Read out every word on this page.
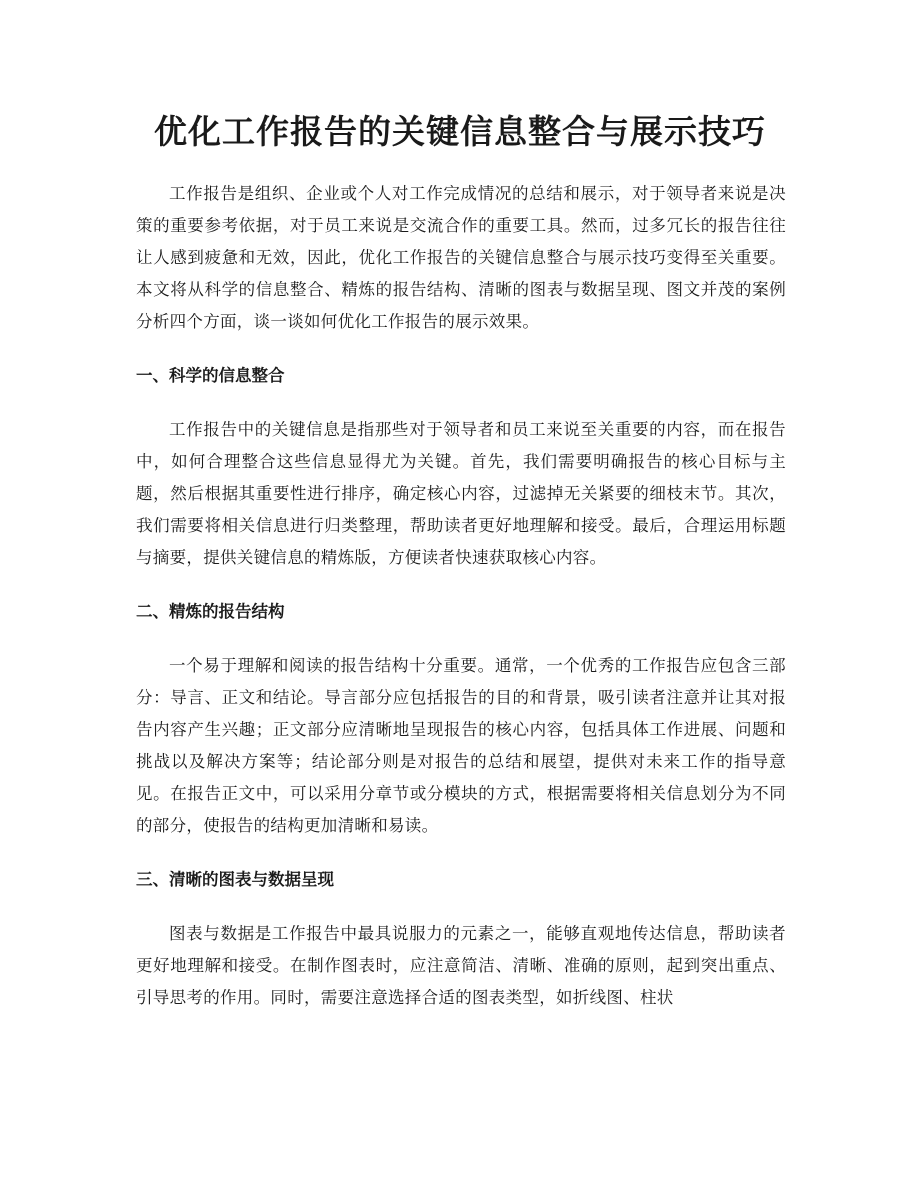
优化工作报告的关键信息整合与展示技巧

工作报告是组织、企业或个人对工作完成情况的总结和展示，对于领导者来说是决策的重要参考依据，对于员工来说是交流合作的重要工具。然而，过多冗长的报告往往让人感到疲惫和无效，因此，优化工作报告的关键信息整合与展示技巧变得至关重要。本文将从科学的信息整合、精炼的报告结构、清晰的图表与数据呈现、图文并茂的案例分析四个方面，谈一谈如何优化工作报告的展示效果。

一、科学的信息整合

工作报告中的关键信息是指那些对于领导者和员工来说至关重要的内容，而在报告中，如何合理整合这些信息显得尤为关键。首先，我们需要明确报告的核心目标与主题，然后根据其重要性进行排序，确定核心内容，过滤掉无关紧要的细枝末节。其次，我们需要将相关信息进行归类整理，帮助读者更好地理解和接受。最后，合理运用标题与摘要，提供关键信息的精炼版，方便读者快速获取核心内容。

二、精炼的报告结构

一个易于理解和阅读的报告结构十分重要。通常，一个优秀的工作报告应包含三部分：导言、正文和结论。导言部分应包括报告的目的和背景，吸引读者注意并让其对报告内容产生兴趣；正文部分应清晰地呈现报告的核心内容，包括具体工作进展、问题和挑战以及解决方案等；结论部分则是对报告的总结和展望，提供对未来工作的指导意见。在报告正文中，可以采用分章节或分模块的方式，根据需要将相关信息划分为不同的部分，使报告的结构更加清晰和易读。

三、清晰的图表与数据呈现

图表与数据是工作报告中最具说服力的元素之一，能够直观地传达信息，帮助读者更好地理解和接受。在制作图表时，应注意简洁、清晰、准确的原则，起到突出重点、引导思考的作用。同时，需要注意选择合适的图表类型，如折线图、柱状
